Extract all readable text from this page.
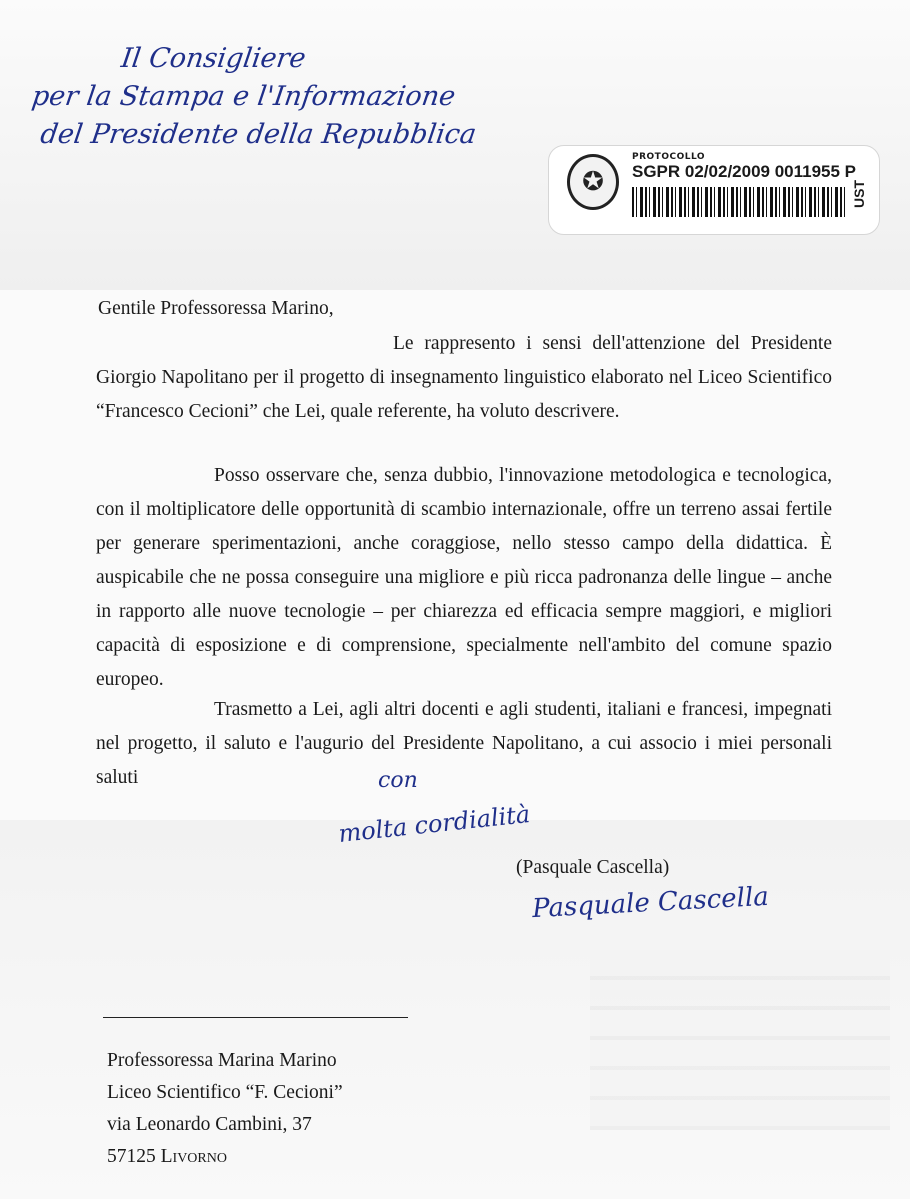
Il Consigliere
per la Stampa e l'Informazione
del Presidente della Repubblica
✪
PROTOCOLLO
SGPR 02/02/2009 0011955 P
UST
Gentile Professoressa Marino,

Le rappresento i sensi dell'attenzione del Presidente Giorgio Napolitano per il progetto di insegnamento linguistico elaborato nel Liceo Scientifico “Francesco Cecioni” che Lei, quale referente, ha voluto descrivere.

Posso osservare che, senza dubbio, l'innovazione metodologica e tecnologica, con il moltiplicatore delle opportunità di scambio internazionale, offre un terreno assai fertile per generare sperimentazioni, anche coraggiose, nello stesso campo della didattica. È auspicabile che ne possa conseguire una migliore e più ricca padronanza delle lingue – anche in rapporto alle nuove tecnologie – per chiarezza ed efficacia sempre maggiori, e migliori capacità di esposizione e di comprensione, specialmente nell'ambito del comune spazio europeo.

Trasmetto a Lei, agli altri docenti e agli studenti, italiani e francesi, impegnati nel progetto, il saluto e l'augurio del Presidente Napolitano, a cui associo i miei personali saluti	con
molta cordialità
(Pasquale Cascella)
Pasquale Cascella
Professoressa Marina Marino
Liceo Scientifico “F. Cecioni”
via Leonardo Cambini, 37
57125 Livorno
